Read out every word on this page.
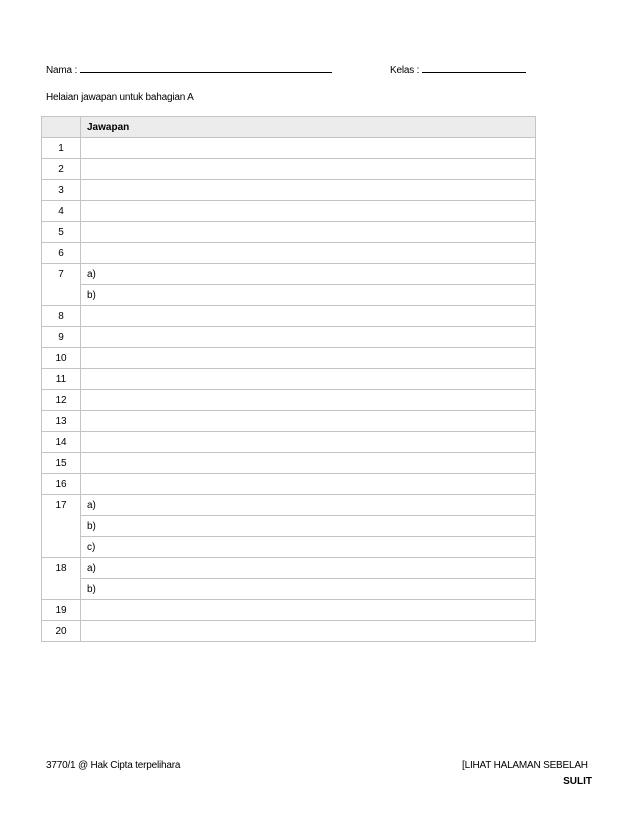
Nama :	Kelas :
Helaian jawapan untuk bahagian A
	Jawapan
1	
2	
3	
4	
5	
6	
7	a)
	b)
8	
9	
10	
11	
12	
13	
14	
15	
16	
17	a)
	b)
	c)
18	a)
	b)
19	
20	
3770/1 @ Hak Cipta terpelihara	[LIHAT HALAMAN SEBELAH
SULIT
